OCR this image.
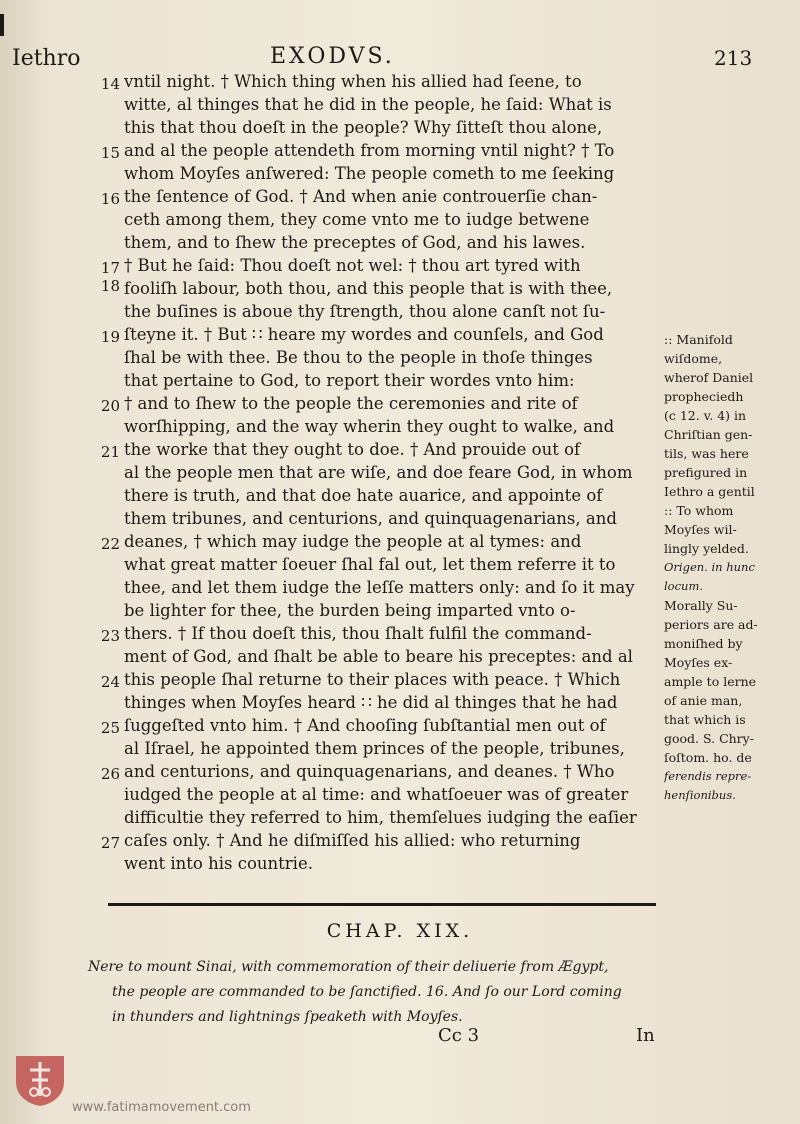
Iethro	EXODVS.	213
14 vntil night. † Which thing when his allied had ſeene, to
witte, al thinges that he did in the people, he ſaid: What is
this that thou doeſt in the people? Why ſitteſt thou alone,
15 and al the people attendeth from morning vntil night? † To
whom Moyſes anſwered: The people cometh to me ſeeking
16 the ſentence of God. † And when anie controuerſie chan-
ceth among them, they come vnto me to iudge betwene
them, and to ſhew the preceptes of God, and his lawes.
17 18
† But he ſaid: Thou doeſt not wel: † thou art tyred with
fooliſh labour, both thou, and this people that is with thee,
the buſines is aboue thy ſtrength, thou alone canſt not ſu-
19 ſteyne it. † But ∷ heare my wordes and counſels, and God
ſhal be with thee. Be thou to the people in thoſe thinges
that pertaine to God, to report their wordes vnto him:
20 † and to ſhew to the people the ceremonies and rite of
worſhipping, and the way wherin they ought to walke, and
21 the worke that they ought to doe. † And prouide out of
al the people men that are wiſe, and doe feare God, in whom
there is truth, and that doe hate auarice, and appointe of
them tribunes, and centurions, and quinquagenarians, and
22 deanes, † which may iudge the people at al tymes: and
what great matter ſoeuer ſhal fal out, let them referre it to
thee, and let them iudge the leſſe matters only: and ſo it may
be lighter for thee, the burden being imparted vnto o-
23 thers. † If thou doeſt this, thou ſhalt fulfil the command-
ment of God, and ſhalt be able to beare his preceptes: and al
24 this people ſhal returne to their places with peace. † Which
thinges when Moyſes heard ∷ he did al thinges that he had
25 ſuggeſted vnto him. † And chooſing ſubſtantial men out of
al Iſrael, he appointed them princes of the people, tribunes,
26 and centurions, and quinquagenarians, and deanes. † Who
iudged the people at al time: and whatſoeuer was of greater
difficultie they referred to him, themſelues iudging the eaſier
27 caſes only. † And he diſmiſſed his allied: who returning
went into his countrie.
:: Manifold
wiſdome,
wherof Daniel
propheciedh
(c 12. v. 4) in
Chriſtian gen-
tils, was here
prefigured in
Iethro a gentil
:: To whom
Moyſes wil-
lingly yelded.
Origen. in hunc
locum.
Morally Su-
periors are ad-
moniſhed by
Moyſes ex-
ample to lerne
of anie man,
that which is
good. S. Chry-
ſoſtom. ho. de
ferendis repre-
henſionibus.
CHAP. XIX.
Nere to mount Sinai, with commemoration of their deliuerie from Ægypt,
the people are commanded to be ſanctified. 16. And ſo our Lord coming
in thunders and lightnings ſpeaketh with Moyſes.
Cc 3	In
www.fatimamovement.com
